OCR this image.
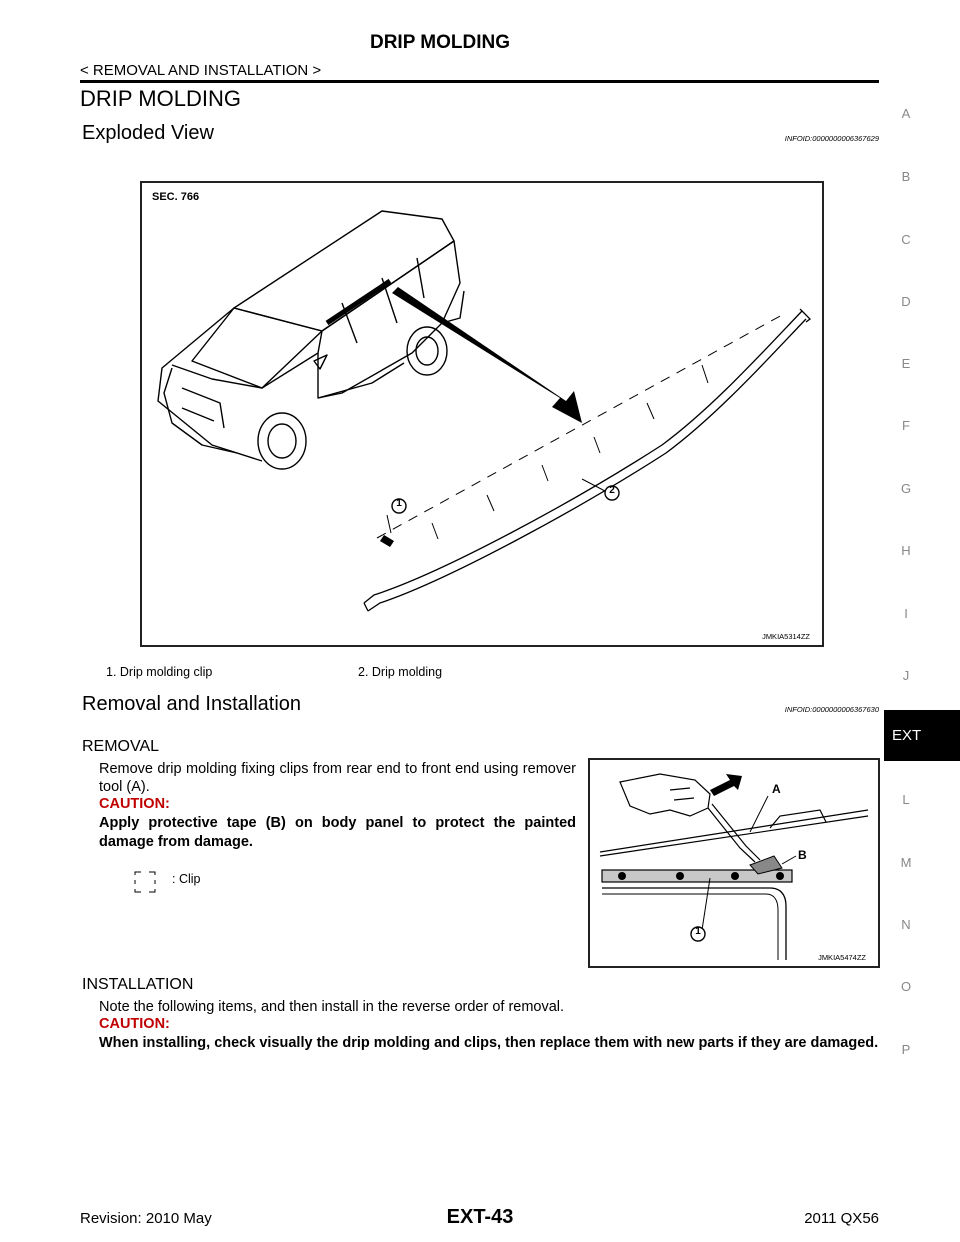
DRIP MOLDING
< REMOVAL AND INSTALLATION >
DRIP MOLDING
Exploded View	INFOID:0000000006367629
SEC. 766
1
2
JMKIA5314ZZ
1. Drip molding clip	2. Drip molding
Removal and Installation	INFOID:0000000006367630
REMOVAL
Remove drip molding fixing clips from rear end to front end using remover tool (A).
CAUTION:
Apply protective tape (B) on body panel to protect the painted damage from damage.
: Clip
A
B
1
JMKIA5474ZZ
INSTALLATION
Note the following items, and then install in the reverse order of removal.
CAUTION:
When installing, check visually the drip molding and clips, then replace them with new parts if they are damaged.
A
B
C
D
E
F
G
H
I
J
EXT
L
M
N
O
P
Revision: 2010 May	EXT-43	2011 QX56
